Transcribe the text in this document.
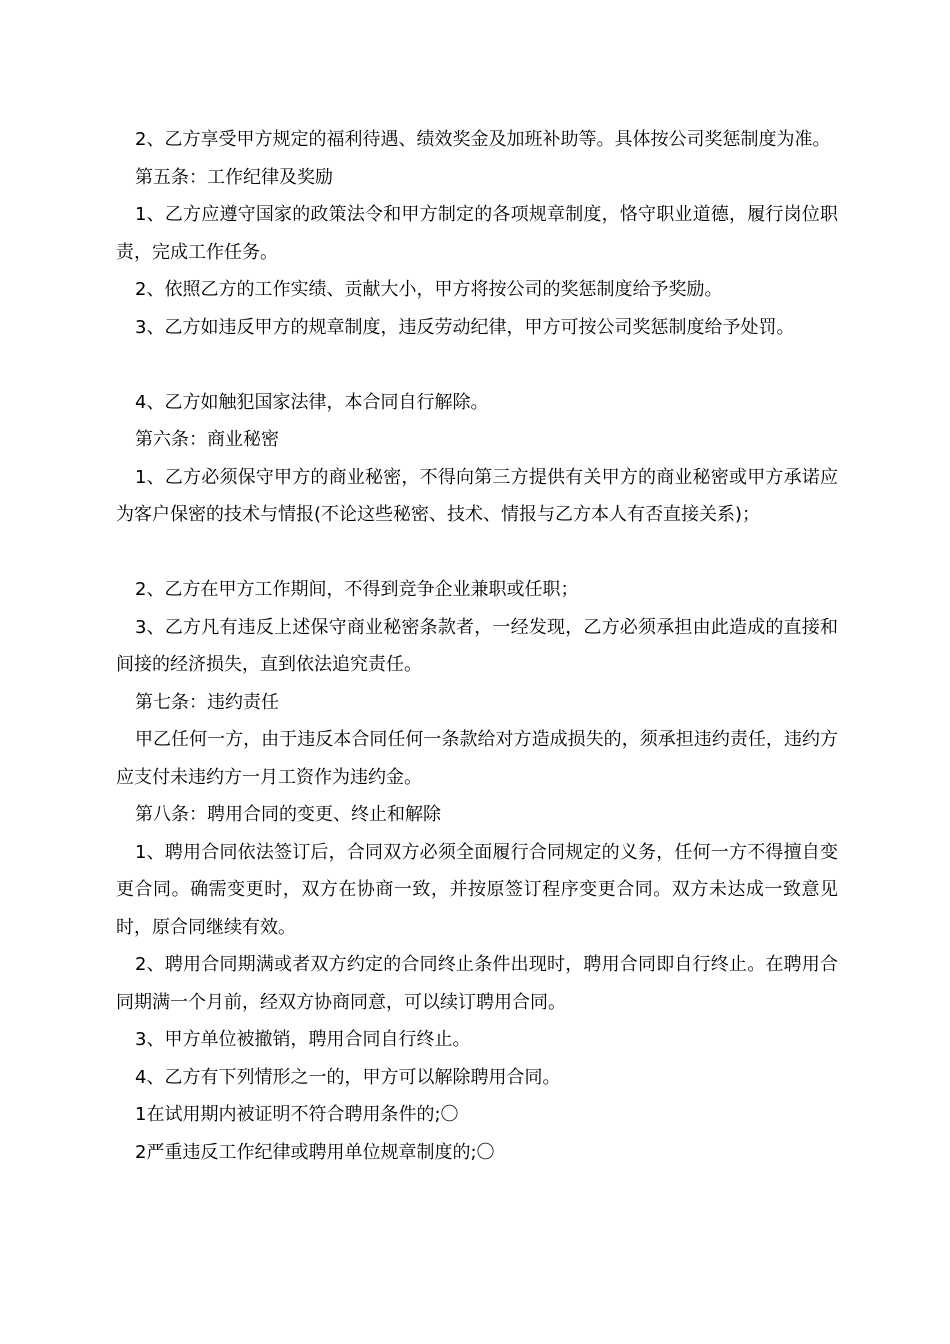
2、乙方享受甲方规定的福利待遇、绩效奖金及加班补助等。具体按公司奖惩制度为准。

第五条：工作纪律及奖励

1、乙方应遵守国家的政策法令和甲方制定的各项规章制度，恪守职业道德，履行岗位职责，完成工作任务。

2、依照乙方的工作实绩、贡献大小，甲方将按公司的奖惩制度给予奖励。

3、乙方如违反甲方的规章制度，违反劳动纪律，甲方可按公司奖惩制度给予处罚。

4、乙方如触犯国家法律，本合同自行解除。

第六条：商业秘密

1、乙方必须保守甲方的商业秘密，不得向第三方提供有关甲方的商业秘密或甲方承诺应为客户保密的技术与情报(不论这些秘密、技术、情报与乙方本人有否直接关系)；

2、乙方在甲方工作期间，不得到竞争企业兼职或任职；

3、乙方凡有违反上述保守商业秘密条款者，一经发现，乙方必须承担由此造成的直接和间接的经济损失，直到依法追究责任。

第七条：违约责任

甲乙任何一方，由于违反本合同任何一条款给对方造成损失的，须承担违约责任，违约方应支付未违约方一月工资作为违约金。

第八条：聘用合同的变更、终止和解除

1、聘用合同依法签订后，合同双方必须全面履行合同规定的义务，任何一方不得擅自变更合同。确需变更时，双方在协商一致，并按原签订程序变更合同。双方未达成一致意见时，原合同继续有效。

2、聘用合同期满或者双方约定的合同终止条件出现时，聘用合同即自行终止。在聘用合同期满一个月前，经双方协商同意，可以续订聘用合同。

3、甲方单位被撤销，聘用合同自行终止。

4、乙方有下列情形之一的，甲方可以解除聘用合同。

1在试用期内被证明不符合聘用条件的;〇

2严重违反工作纪律或聘用单位规章制度的;〇
